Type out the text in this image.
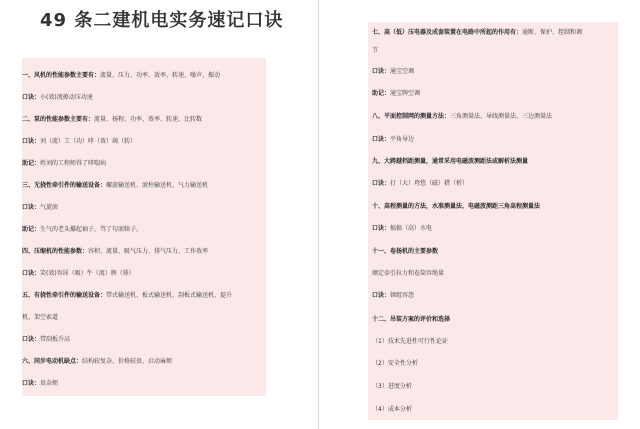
49 条二建机电实务速记口诀
一、风机的性能参数主要有：流量、压力、功率、效率、转速、噪声、振动
口诀：小(效)流撩动压功速
二、泵的性能参数主要有：流量、扬程、功率、效率、转速、比转数
口诀：刘（流）工（功）哮（效）竭（转）
助记：姓刘的工程师得了哮喘病
三、无挠性牵引件的输送设备：螺旋输送机、滚柱输送机、气力输送机
口诀：气旋滚
助记：生气的老头攥起袖子，骂了句滚犊子。
四、压缩机的性能参数：容积、流量、吸气压力、排气压力、工作效率
口诀：笑(效)容犀（吸）牛（流）牌（排）
五、有挠性牵引件的输送设备：带式输送机、板式输送机、刮板式输送机、提升
机、架空索道
口诀：带刮板升高
六、同步电动机缺点：结构较复杂、价格较贵、启动麻烦
口诀：贵杂烦
七、高（低）压电器及成套装置在电路中所起的作用有：通断、保护、控制和调
节
口诀：通宝空调
助记：通宝牌空调
八、平面控制网的测量方法：三角测量法、导线测量法、三边测量法
口诀：平角导边
九、大跨越档距测量，通常采用电磁波测距法或解析法测量
口诀：打（大）垮悠（磁）猎（析）
十、高程测量的方法，水准测量法、电磁波测距三角高程测量法
口诀：搞搞（高）水电
十一、卷扬机的主要参数
额定牵引拉力和卷筒容绳量
口诀：顿组容怨
十二、吊装方案的评价和选择
（1）技术先进性可行性论证
（2）安全性分析
（3）进度分析
（4）成本分析
